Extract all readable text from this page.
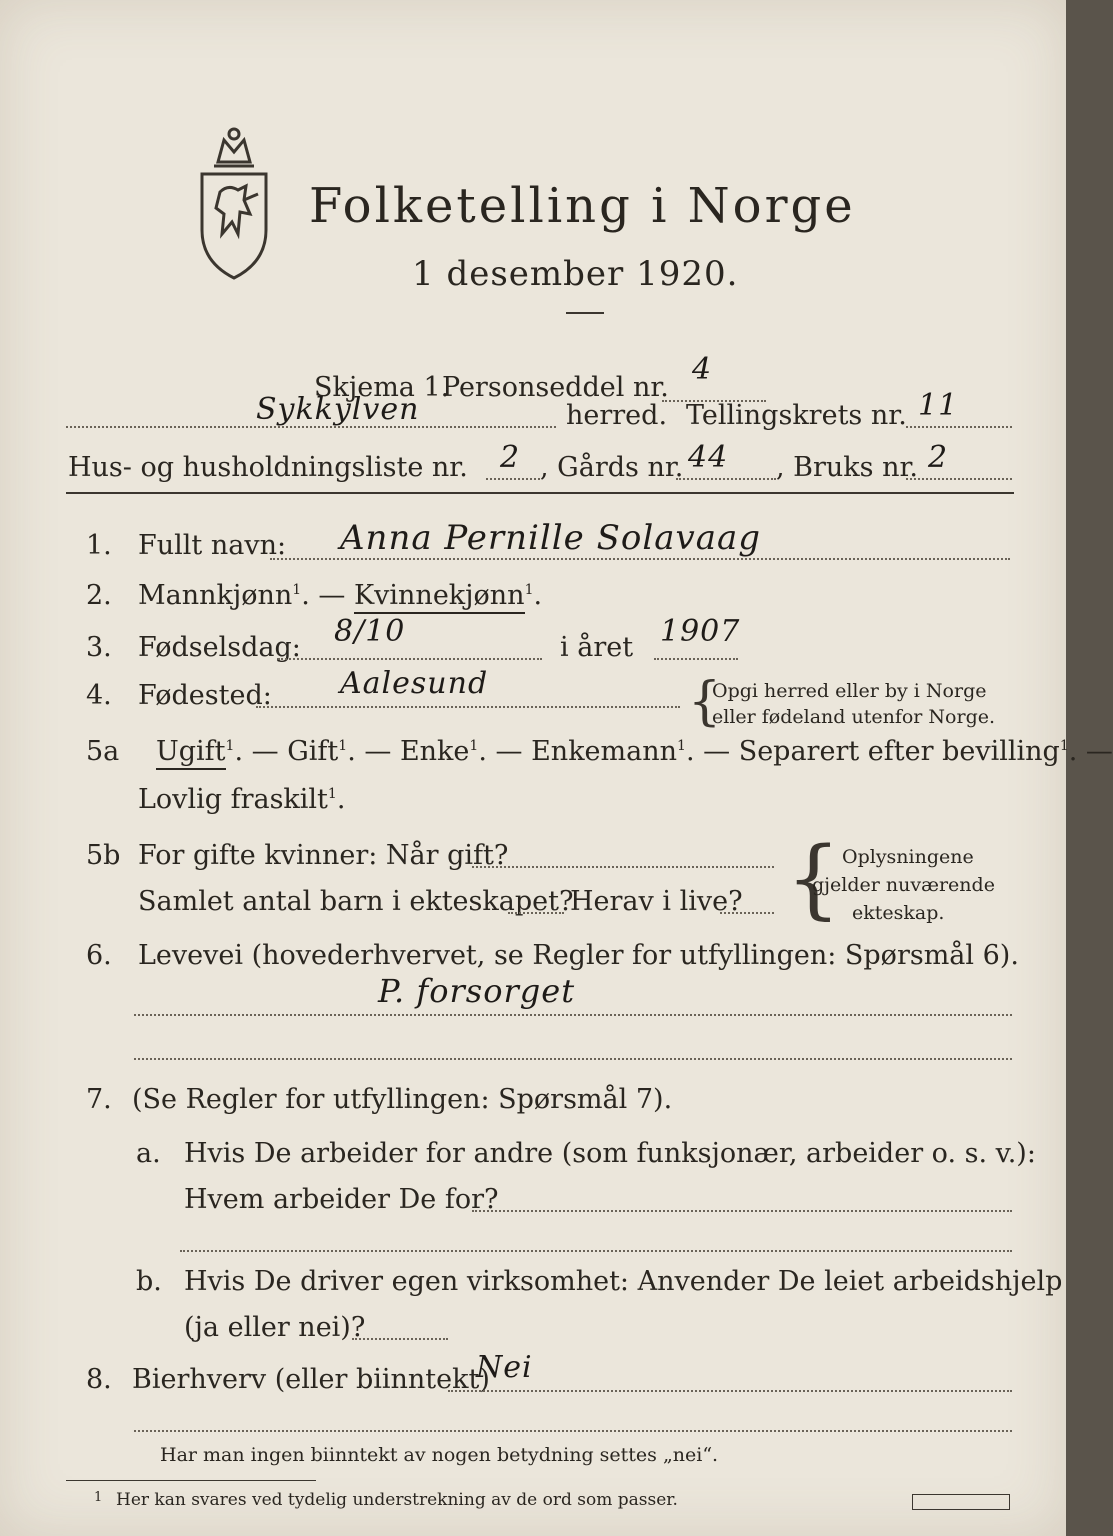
Folketelling i Norge
1 desember 1920.
Skjema 1.
Personseddel nr.
4
Sykkylven	herred. Tellingskrets nr. 11
Hus- og husholdningsliste nr. 2 , Gårds nr. 44 , Bruks nr. 2
1. Fullt navn: Anna Pernille Solavaag
2. Mannkjønn$^1$. — Kvinnekjønn$^1$.
3. Fødselsdag: 8/10	i året 1907
4. Fødested: Aalesund	{
Opgi herred eller by i Norge
eller fødeland utenfor Norge.
5a Ugift$^1$. — Gift$^1$. — Enke$^1$. — Enkemann$^1$. — Separert efter bevilling$^1$. —
Lovlig fraskilt$^1$.
5b For gifte kvinner: Når gift?
Samlet antal barn i ekteskapet?
Herav i live? { Oplysningene
gjelder nuværende
ekteskap.
6. Levevei (hovederhvervet, se Regler for utfyllingen: Spørsmål 6).
P. forsorget
7. (Se Regler for utfyllingen: Spørsmål 7).
a. Hvis De arbeider for andre (som funksjonær, arbeider o. s. v.):
Hvem arbeider De for?
b. Hvis De driver egen virksomhet: Anvender De leiet arbeidshjelp
(ja eller nei)?
8. Bierhverv (eller biinntekt)
Nei
Har man ingen biinntekt av nogen betydning settes „nei“.
1 Her kan svares ved tydelig understrekning av de ord som passer.
